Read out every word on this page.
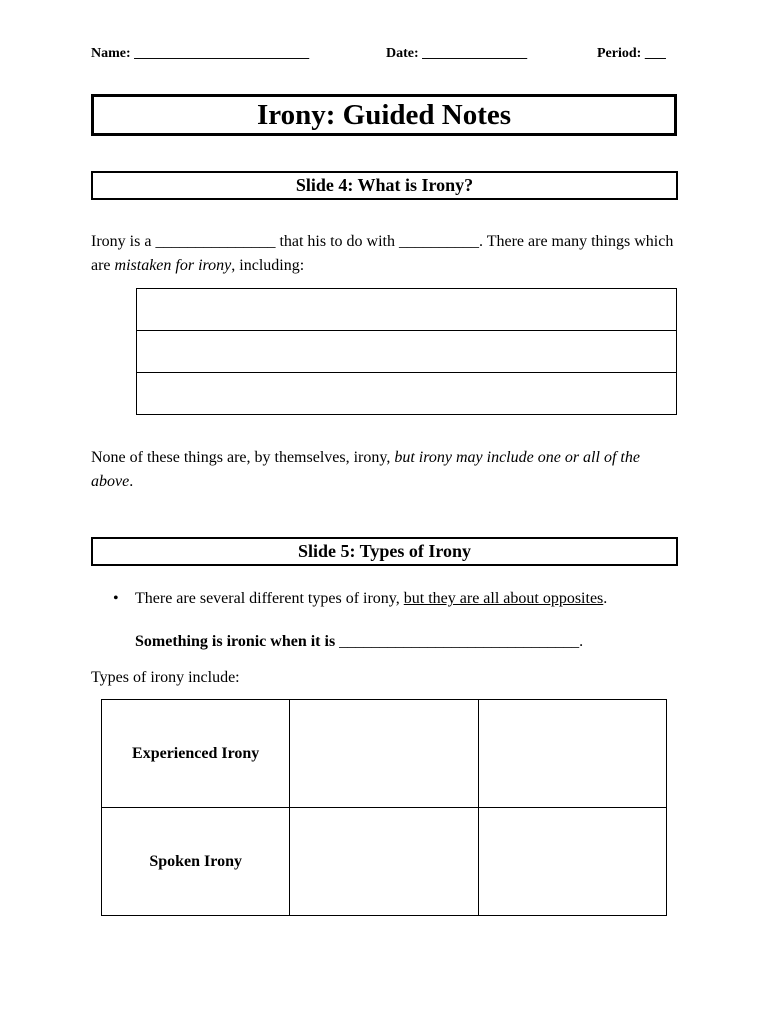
Name: _________________________	Date: _______________	Period: ___
Irony: Guided Notes
Slide 4: What is Irony?
Irony is a _______________ that his to do with __________. There are many things which are mistaken for irony, including:

None of these things are, by themselves, irony, but irony may include one or all of the above.
Slide 5: Types of Irony
• There are several different types of irony, but they are all about opposites.
Something is ironic when it is ______________________________.
Types of irony include:
Experienced Irony		
Spoken Irony		
